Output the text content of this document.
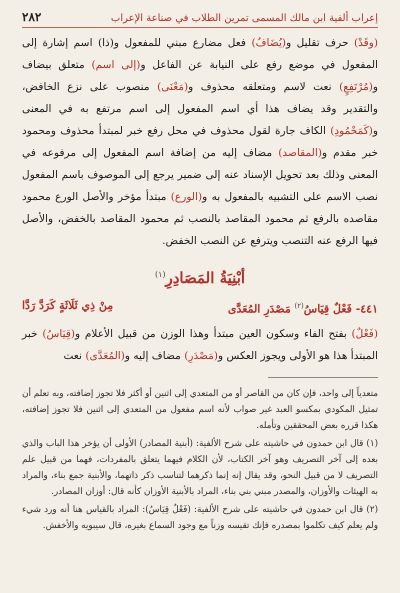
إعراب ألفية ابن مالك المسمى تمرين الطلاب في صناعة الإعراب
٢٨٢

(وقَدْ) حرف تقليل و(يُضَافُ) فعل مضارع مبني للمفعول و(ذا) اسم إشارة إلى المفعول في موضع رفع على النيابة عن الفاعل و(إلى اسم) متعلق بيضاف و(مُرْتَفِعٍ) نعت لاسم ومتعلقه محذوف و(مَعْنَى) منصوب على نزع الخافض، والتقدير وقد يضاف هذا أي اسم المفعول إلى اسم مرتفع به في المعنى و(كَمَحْمُودِ) الكاف جارة لقول محذوف في محل رفع خبر لمبتدأ محذوف ومحمود خبر مقدم و(المقاصد) مضاف إليه من إضافة اسم المفعول إلى مرفوعه في المعنى وذلك بعد تحويل الإسناد عنه إلى ضمير يرجع إلى الموصوف باسم المفعول نصب الاسم على التشبيه بالمفعول به و(الورع) مبتدأ مؤخر والأصل الورع محمود مقاصده بالرفع ثم محمود المقاصد بالنصب ثم محمود المقاصد بالخفض، والأصل فيها الرفع عنه التنصب ويترفع عن النصب الخفض.

أبْنِيَةُ المَصَادِرِ$^{(١)}$
٤٤١- فَعْلٌ قِيَاسُ$^{(٢)}$ مَصْدَرِ المُعَدَّى
مِنْ ذِي ثَلَاثَةٍ كَرَدَّ رَدَّا

(فَعْلٌ) بفتح الفاء وسكون العين مبتدأ وهذا الوزن من قبيل الأعلام و(قِيَاسُ) خبر المبتدأ هذا هو الأولى ويجوز العكس و(مَصْدَرِ) مضاف إليه و(المُعَدَّى) نعت

متعدياً إلى واحد، فإن كان من القاصر أو من المتعدي إلى اثنين أو أكثر فلا تجوز إضافته، وبه تعلم أن تمثيل المكودي بمكسو العبد غير صواب لأنه اسم مفعول من المتعدي إلى اثنين فلا تجوز إضافته، هكذا قرره بعض المحققين وتأمله.

(١) قال ابن حمدون في حاشيته على شرح الألفية: (أبنية المصادر) الأولى أن يؤخر هذا الباب والذي بعده إلى آخر التصريف وهو آخر الكتاب، لأن الكلام فيهما يتعلق بالمفردات، فهما من قبيل علم التصريف لا من قبيل النحو، وقد يقال إنه إنما ذكرهما لتناسب ذكر ذاتهما، والأبنية جمع بناء، والمراد به الهيئات والأوزان، والمصدر مبني بني بناء، المراد بالأبنية الأوزان كأنه قال: أوزان المصادر.

(٢) قال ابن حمدون في حاشيته على شرح الألفية: (فَعْلٌ قِيَاسُ): المراد بالقياس هنا أنه ورد شيء ولم يعلم كيف تكلموا بمصدره فإنك تقيسه وزناً مع وجود السماع بغيره، قال سيبويه والأخفش.
